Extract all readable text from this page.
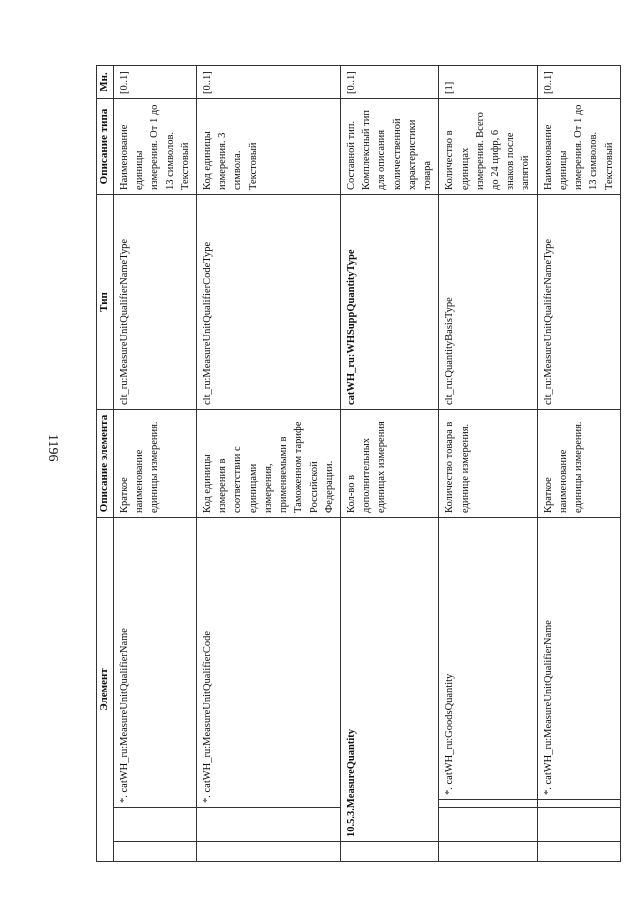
1196
Элемент				Описание элемента	Тип	Описание типа	Мн.
		*. catWH_ru:MeasureUnitQualifierName		Краткое наименование единицы измерения.	clt_ru:MeasureUnitQualifierNameType	Наименование единицы измерения. От 1 до 13 символов. Текстовый	[0..1]
		*. catWH_ru:MeasureUnitQualifierCode		Код единицы измерения в соответствии с единицами измерения, применяемыми в Таможенном тарифе Российской Федерации.	clt_ru:MeasureUnitQualifierCodeType	Код единицы измерения. 3 символа. Текстовый	[0..1]
	10.5.3.MeasureQuantity			Кол-во в дополнительных единицах измерения	catWH_ru:WHSuppQuantityType	Составной тип. Комплексный тип для описания количественной характеристики товара	[0..1]
			*. catWH_ru:GoodsQuantity	Количество товара в единице измерения.	clt_ru:QuantityBasisType	Количество в единицах измерения. Всего до 24 цифр, 6 знаков после запятой	[1]
			*. catWH_ru:MeasureUnitQualifierName	Краткое наименование единицы измерения.	clt_ru:MeasureUnitQualifierNameType	Наименование единицы измерения. От 1 до 13 символов. Текстовый	[0..1]
